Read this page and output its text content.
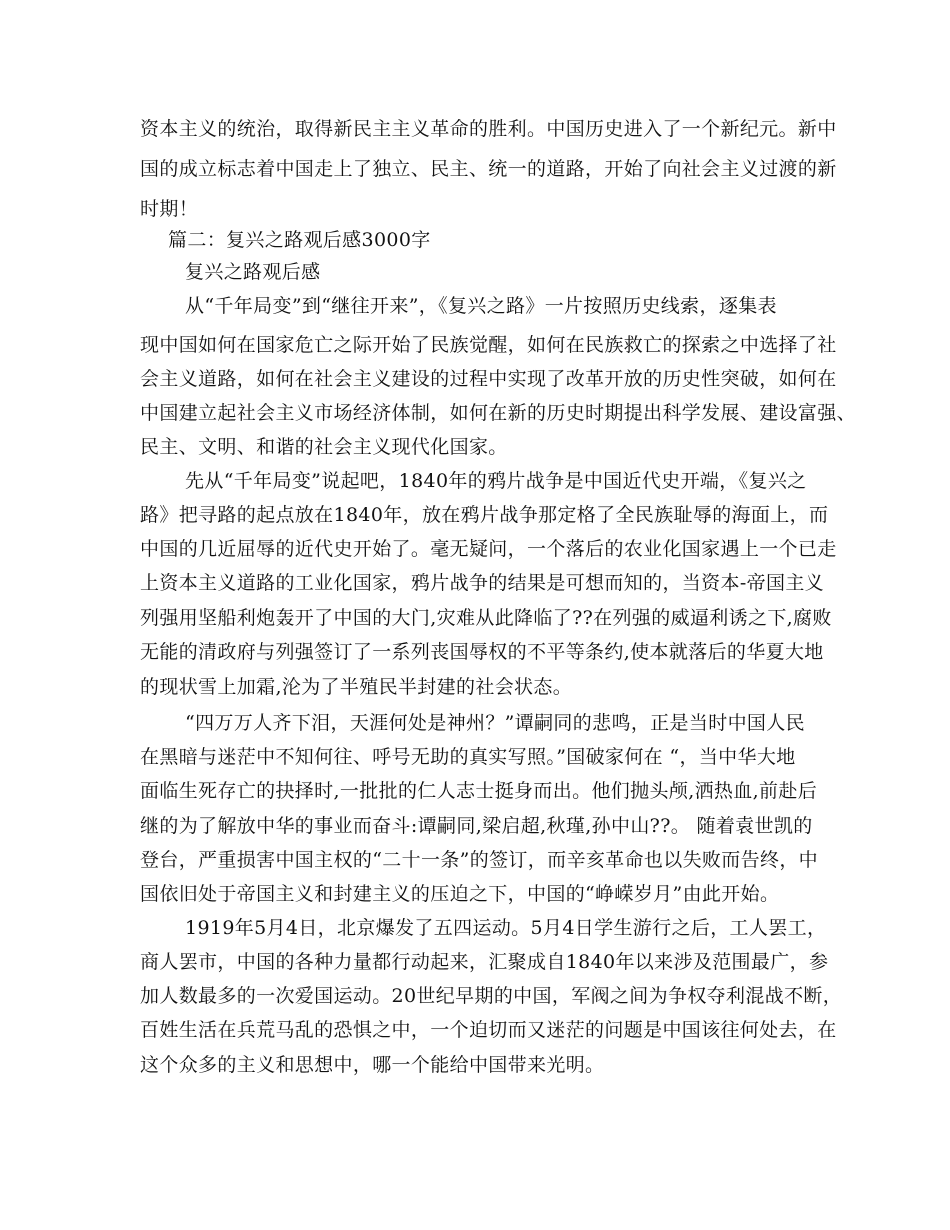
资本主义的统治，取得新民主主义革命的胜利。中国历史进入了一个新纪元。新中

国的成立标志着中国走上了独立、民主、统一的道路，开始了向社会主义过渡的新

时期！

篇二：复兴之路观后感3000字

复兴之路观后感

从“千年局变”到“继往开来”，《复兴之路》一片按照历史线索，逐集表

现中国如何在国家危亡之际开始了民族觉醒，如何在民族救亡的探索之中选择了社

会主义道路，如何在社会主义建设的过程中实现了改革开放的历史性突破，如何在

中国建立起社会主义市场经济体制，如何在新的历史时期提出科学发展、建设富强、

民主、文明、和谐的社会主义现代化国家。

先从“千年局变”说起吧，1840年的鸦片战争是中国近代史开端，《复兴之

路》把寻路的起点放在1840年，放在鸦片战争那定格了全民族耻辱的海面上，而

中国的几近屈辱的近代史开始了。毫无疑问，一个落后的农业化国家遇上一个已走

上资本主义道路的工业化国家，鸦片战争的结果是可想而知的，当资本-帝国主义

列强用坚船利炮轰开了中国的大门,灾难从此降临了??在列强的威逼利诱之下,腐败

无能的清政府与列强签订了一系列丧国辱权的不平等条约,使本就落后的华夏大地

的现状雪上加霜,沦为了半殖民半封建的社会状态。

“四万万人齐下泪，天涯何处是神州？”谭嗣同的悲鸣，正是当时中国人民

在黑暗与迷茫中不知何往、呼号无助的真实写照。”国破家何在 “，当中华大地

面临生死存亡的抉择时,一批批的仁人志士挺身而出。他们抛头颅,洒热血,前赴后

继的为了解放中华的事业而奋斗:谭嗣同,梁启超,秋瑾,孙中山??。 随着袁世凯的

登台，严重损害中国主权的“二十一条”的签订，而辛亥革命也以失败而告终，中

国依旧处于帝国主义和封建主义的压迫之下，中国的“峥嵘岁月”由此开始。

1919年5月4日，北京爆发了五四运动。5月4日学生游行之后，工人罢工，

商人罢市，中国的各种力量都行动起来，汇聚成自1840年以来涉及范围最广，参

加人数最多的一次爱国运动。20世纪早期的中国，军阀之间为争权夺利混战不断，

百姓生活在兵荒马乱的恐惧之中，一个迫切而又迷茫的问题是中国该往何处去，在

这个众多的主义和思想中，哪一个能给中国带来光明。
